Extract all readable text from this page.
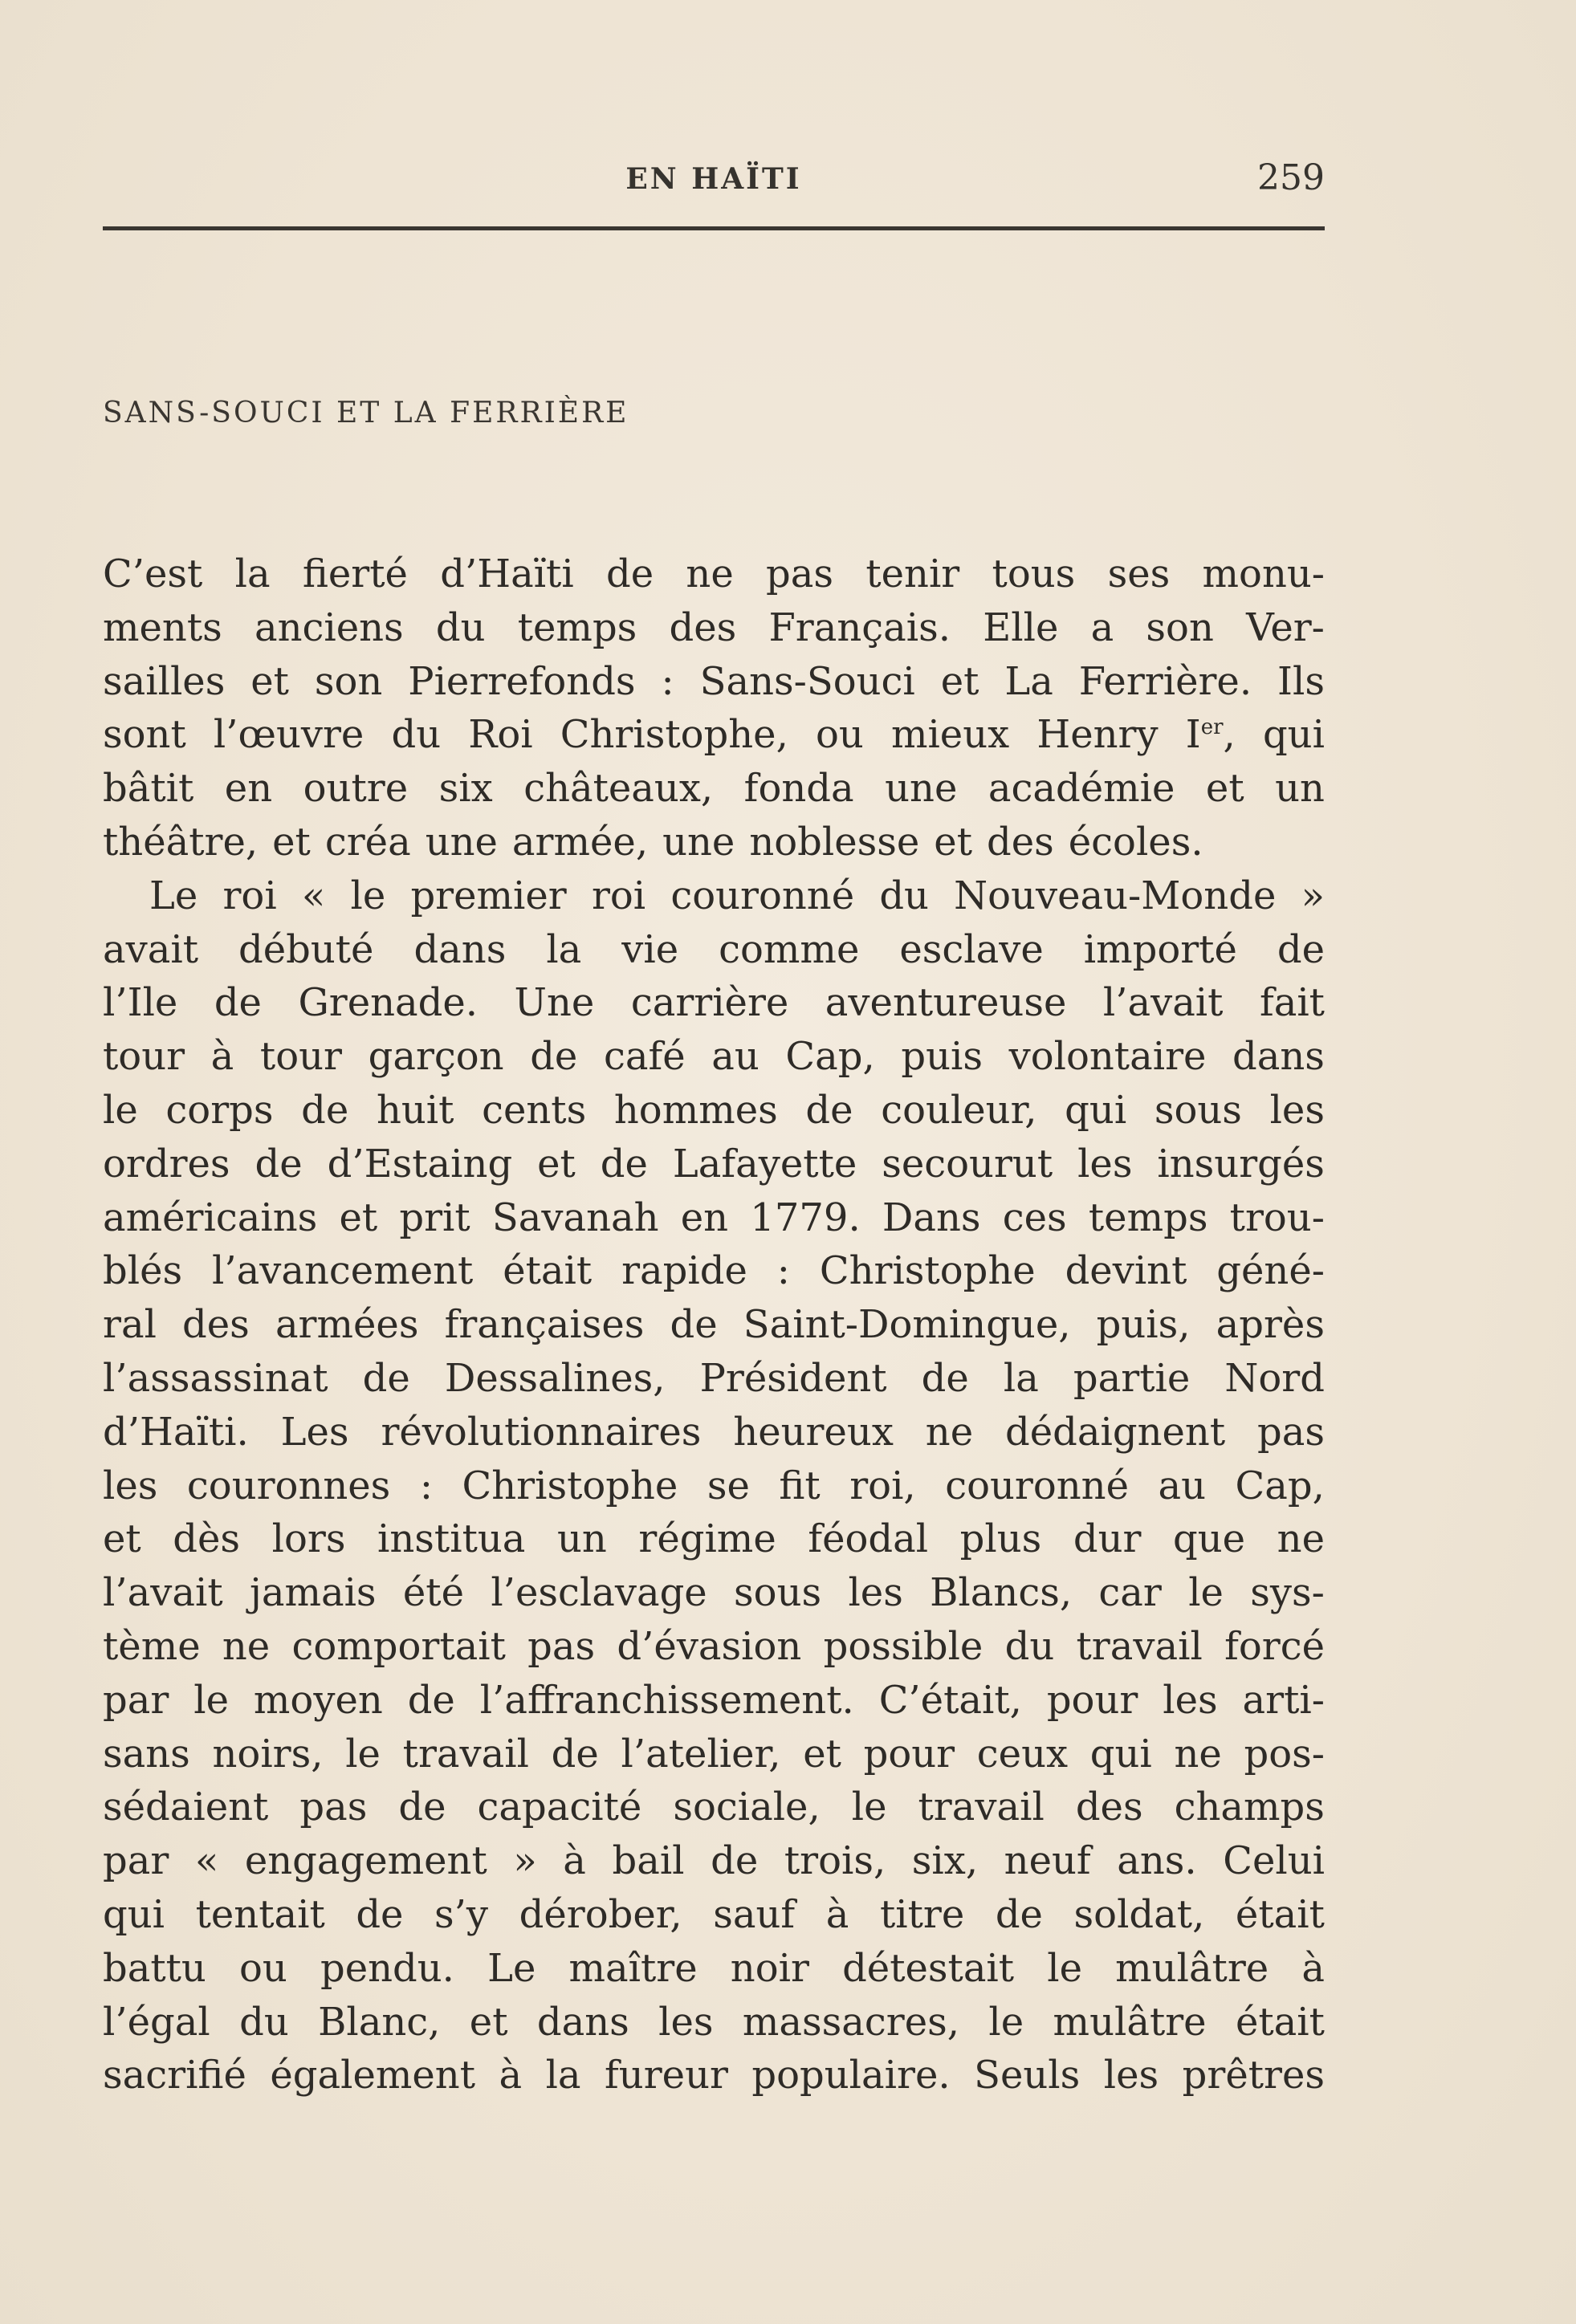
EN HAÏTI	259
SANS-SOUCI ET LA FERRIÈRE
C’est la fierté d’Haïti de ne pas tenir tous ses monu-
ments anciens du temps des Français. Elle a son Ver-
sailles et son Pierrefonds : Sans-Souci et La Ferrière. Ils
sont l’œuvre du Roi Christophe, ou mieux Henry Ier, qui
bâtit en outre six châteaux, fonda une académie et un
théâtre, et créa une armée, une noblesse et des écoles.
Le roi « le premier roi couronné du Nouveau-Monde »
avait débuté dans la vie comme esclave importé de
l’Ile de Grenade. Une carrière aventureuse l’avait fait
tour à tour garçon de café au Cap, puis volontaire dans
le corps de huit cents hommes de couleur, qui sous les
ordres de d’Estaing et de Lafayette secourut les insurgés
américains et prit Savanah en 1779. Dans ces temps trou-
blés l’avancement était rapide : Christophe devint géné-
ral des armées françaises de Saint-Domingue, puis, après
l’assassinat de Dessalines, Président de la partie Nord
d’Haïti. Les révolutionnaires heureux ne dédaignent pas
les couronnes : Christophe se fit roi, couronné au Cap,
et dès lors institua un régime féodal plus dur que ne
l’avait jamais été l’esclavage sous les Blancs, car le sys-
tème ne comportait pas d’évasion possible du travail forcé
par le moyen de l’affranchissement. C’était, pour les arti-
sans noirs, le travail de l’atelier, et pour ceux qui ne pos-
sédaient pas de capacité sociale, le travail des champs
par « engagement » à bail de trois, six, neuf ans. Celui
qui tentait de s’y dérober, sauf à titre de soldat, était
battu ou pendu. Le maître noir détestait le mulâtre à
l’égal du Blanc, et dans les massacres, le mulâtre était
sacrifié également à la fureur populaire. Seuls les prêtres
